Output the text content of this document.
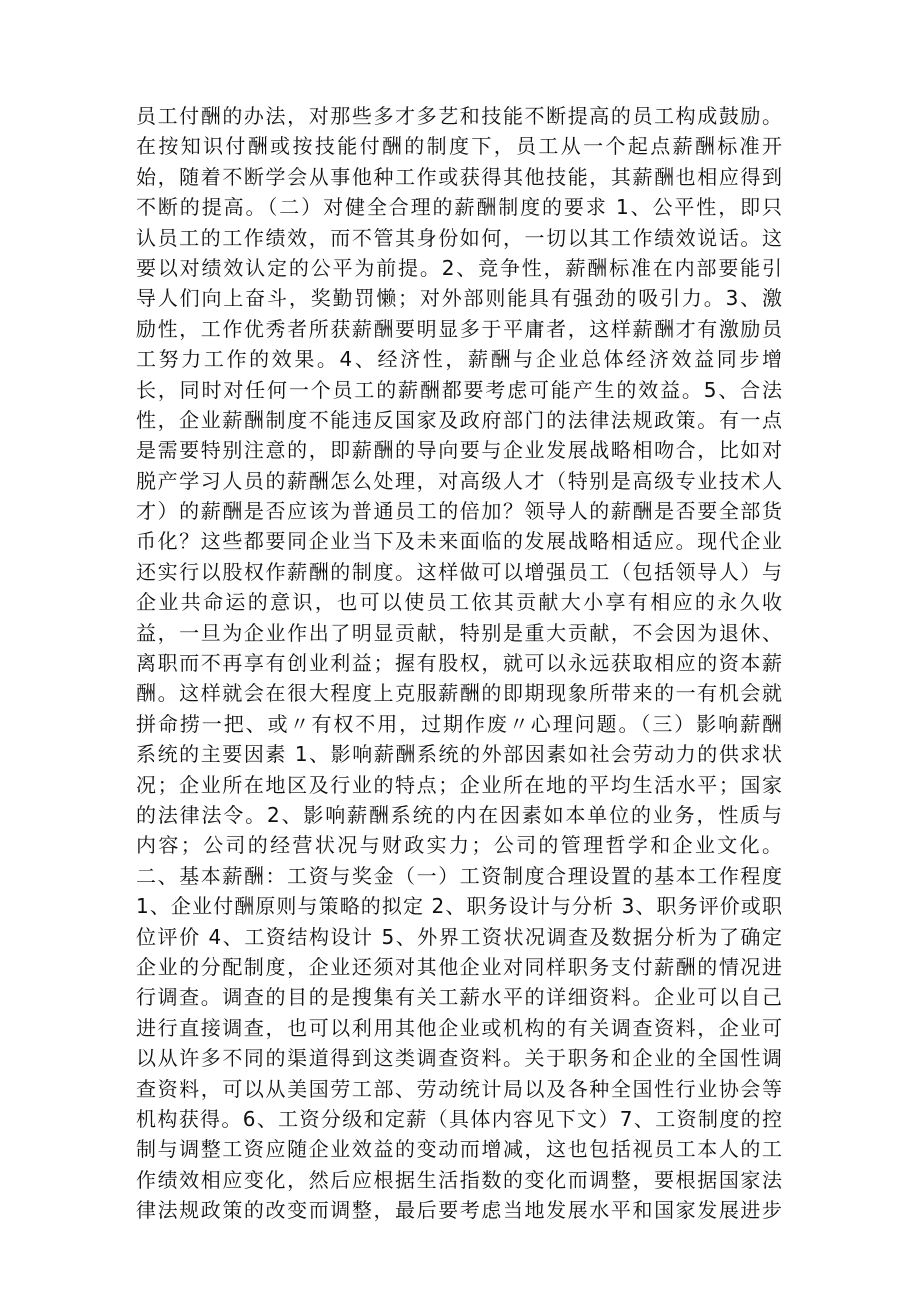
员工付酬的办法，对那些多才多艺和技能不断提高的员工构成鼓励。
在按知识付酬或按技能付酬的制度下，员工从一个起点薪酬标准开
始，随着不断学会从事他种工作或获得其他技能，其薪酬也相应得到
不断的提高。（二）对健全合理的薪酬制度的要求 1、公平性，即只
认员工的工作绩效，而不管其身份如何，一切以其工作绩效说话。这
要以对绩效认定的公平为前提。2、竞争性，薪酬标准在内部要能引
导人们向上奋斗，奖勤罚懒；对外部则能具有强劲的吸引力。3、激
励性，工作优秀者所获薪酬要明显多于平庸者，这样薪酬才有激励员
工努力工作的效果。4、经济性，薪酬与企业总体经济效益同步增
长，同时对任何一个员工的薪酬都要考虑可能产生的效益。5、合法
性，企业薪酬制度不能违反国家及政府部门的法律法规政策。有一点
是需要特别注意的，即薪酬的导向要与企业发展战略相吻合，比如对
脱产学习人员的薪酬怎么处理，对高级人才（特别是高级专业技术人
才）的薪酬是否应该为普通员工的倍加？领导人的薪酬是否要全部货
币化？这些都要同企业当下及未来面临的发展战略相适应。现代企业
还实行以股权作薪酬的制度。这样做可以增强员工（包括领导人）与
企业共命运的意识，也可以使员工依其贡献大小享有相应的永久收
益，一旦为企业作出了明显贡献，特别是重大贡献，不会因为退休、
离职而不再享有创业利益；握有股权，就可以永远获取相应的资本薪
酬。这样就会在很大程度上克服薪酬的即期现象所带来的一有机会就
拼命捞一把、或〃有权不用，过期作废〃心理问题。（三）影响薪酬
系统的主要因素 1、影响薪酬系统的外部因素如社会劳动力的供求状
况；企业所在地区及行业的特点；企业所在地的平均生活水平；国家
的法律法令。2、影响薪酬系统的内在因素如本单位的业务，性质与
内容；公司的经营状况与财政实力；公司的管理哲学和企业文化。
二、基本薪酬：工资与奖金（一）工资制度合理设置的基本工作程度
1、企业付酬原则与策略的拟定 2、职务设计与分析 3、职务评价或职
位评价 4、工资结构设计 5、外界工资状况调查及数据分析为了确定
企业的分配制度，企业还须对其他企业对同样职务支付薪酬的情况进
行调查。调查的目的是搜集有关工薪水平的详细资料。企业可以自己
进行直接调查，也可以利用其他企业或机构的有关调查资料，企业可
以从许多不同的渠道得到这类调查资料。关于职务和企业的全国性调
查资料，可以从美国劳工部、劳动统计局以及各种全国性行业协会等
机构获得。6、工资分级和定薪（具体内容见下文）7、工资制度的控
制与调整工资应随企业效益的变动而增减，这也包括视员工本人的工
作绩效相应变化，然后应根据生活指数的变化而调整，要根据国家法
律法规政策的改变而调整，最后要考虑当地发展水平和国家发展进步
